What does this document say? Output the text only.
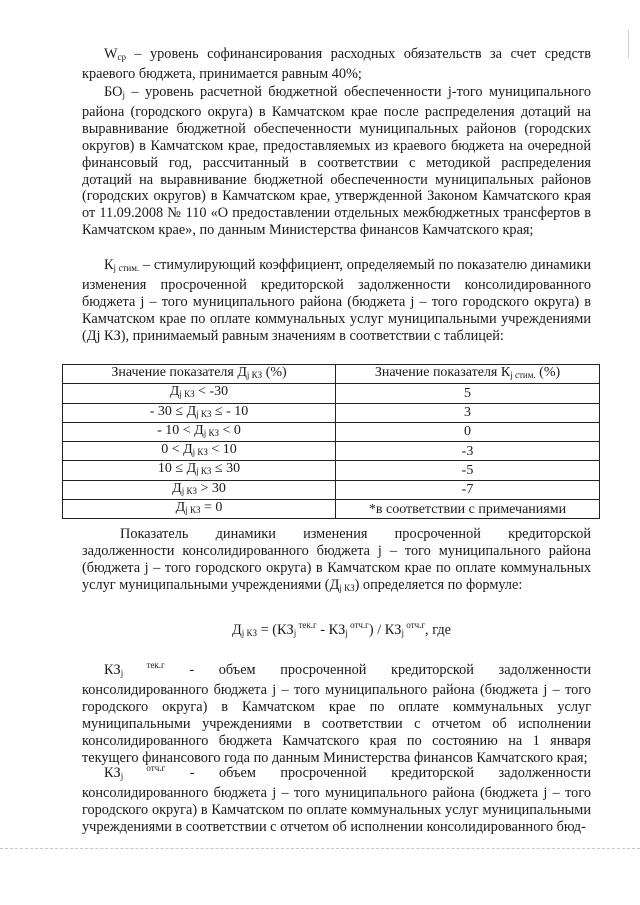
$W_{ср}$ – уровень софинансирования расходных обязательств за счет средств краевого бюджета, принимается равным 40%;

$БО_j$ – уровень расчетной бюджетной обеспеченности j-того муниципального района (городского округа) в Камчатском крае после распределения дотаций на выравнивание бюджетной обеспеченности муниципальных районов (городских округов) в Камчатском крае, предоставляемых из краевого бюджета на очередной финансовый год, рассчитанный в соответствии с методикой распределения дотаций на выравнивание бюджетной обеспеченности муниципальных районов (городских округов) в Камчатском крае, утвержденной Законом Камчатского края от 11.09.2008 № 110 «О предоставлении отдельных межбюджетных трансфертов в Камчатском крае», по данным Министерства финансов Камчатского края;

$К_{j стим.}$ – стимулирующий коэффициент, определяемый по показателю динамики изменения просроченной кредиторской задолженности консолидированного бюджета j – того муниципального района (бюджета j – того городского округа) в Камчатском крае по оплате коммунальных услуг муниципальными учреждениями (Дj КЗ), принимаемый равным значениям в соответствии с таблицей:

Значение показателя $Д_{j КЗ}$ (%)	Значение показателя $К_{j стим.}$ (%)
$Д_{j КЗ} < -30$	5
- $30 \le Д_{j КЗ}$ ≤ - 10	3
- $10 < Д_{j КЗ} < 0$	0
$0 < Д_{j КЗ} < 10$	-3
$10 \le Д_{j КЗ} \le 30$	-5
$Д_{j КЗ} > 30$	-7
$Д_{j КЗ} = 0$	*в соответствии с примечаниями

Показатель динамики изменения просроченной кредиторской задолженности консолидированного бюджета j – того муниципального района (бюджета j – того городского округа) в Камчатском крае по оплате коммунальных услуг муниципальными учреждениями $(Д_{j КЗ})$ определяется по формуле:

$Д_{j КЗ} = (КЗ_j$ $^{тек.г} - КЗ_j$ $^{отч.г}) / КЗ_j$ $^{отч.г}$, где

$КЗ_j$ $^{тек.г}$ - объем просроченной кредиторской задолженности консолидированного бюджета j – того муниципального района (бюджета j – того городского округа) в Камчатском крае по оплате коммунальных услуг муниципальными учреждениями в соответствии с отчетом об исполнении консолидированного бюджета Камчатского края по состоянию на 1 января текущего финансового года по данным Министерства финансов Камчатского края;

$КЗ_j$ $^{отч.г}$ - объем просроченной кредиторской задолженности консолидированного бюджета j – того муниципального района (бюджета j – того городского округа) в Камчатском по оплате коммунальных услуг муниципальными учреждениями в соответствии с отчетом об исполнении консолидированного бюд-
